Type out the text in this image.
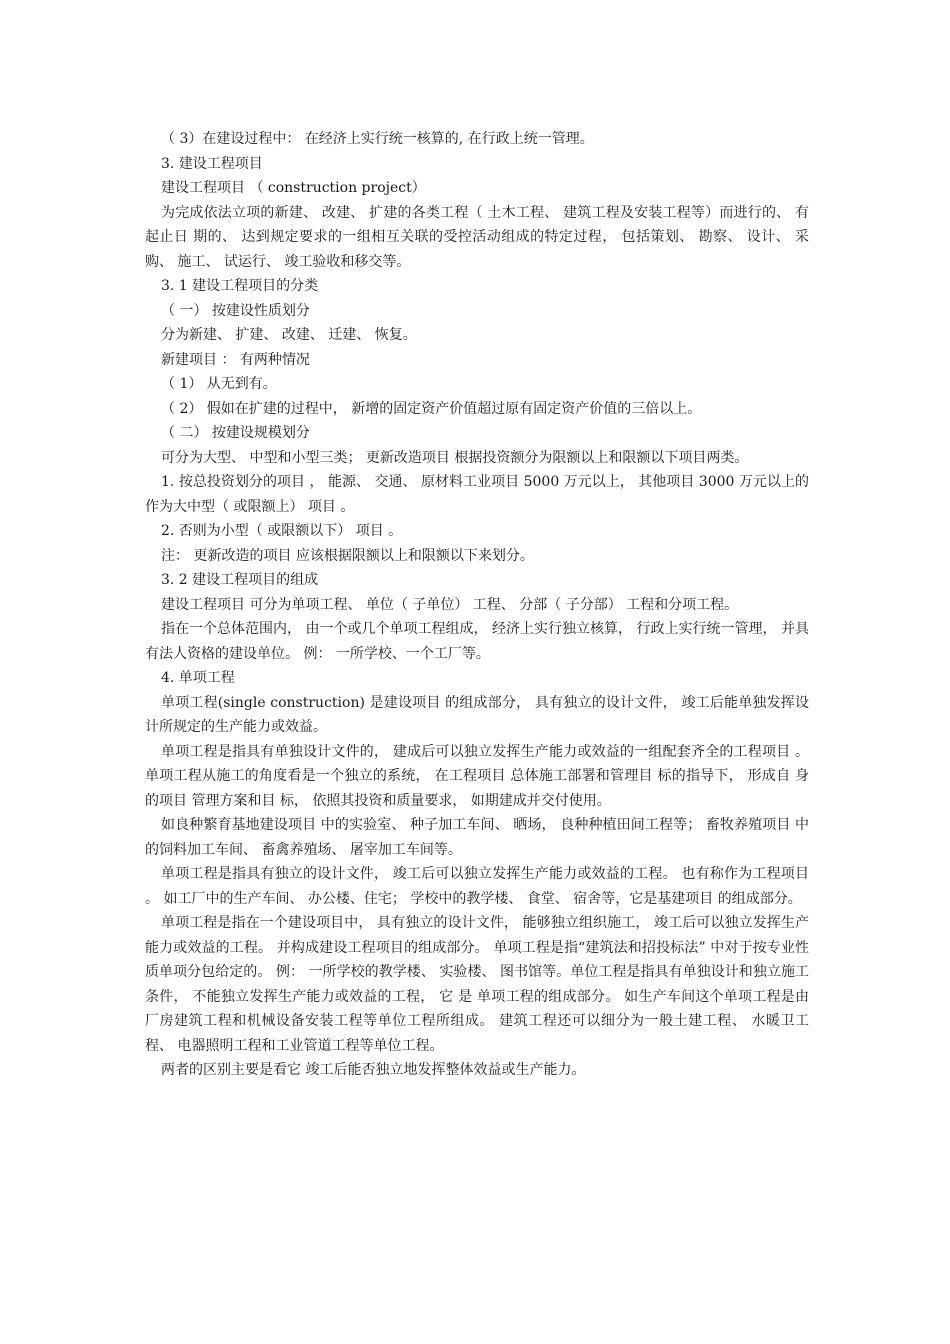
（ 3）在建设过程中： 在经济上实行统一核算的, 在行政上统一管理。

3. 建设工程项目

建设工程项目 （ construction project）

为完成依法立项的新建、 改建、 扩建的各类工程（ 土木工程、 建筑工程及安装工程等）而进行的、 有起止日 期的、 达到规定要求的一组相互关联的受控活动组成的特定过程， 包括策划、 勘察、 设计、 采购、 施工、 试运行、 竣工验收和移交等。

3. 1 建设工程项目的分类

（ 一） 按建设性质划分

分为新建、 扩建、 改建、 迁建、 恢复。

新建项目 ： 有两种情况

（ 1） 从无到有。

（ 2） 假如在扩建的过程中， 新增的固定资产价值超过原有固定资产价值的三倍以上。

（ 二） 按建设规模划分

可分为大型、 中型和小型三类； 更新改造项目 根据投资额分为限额以上和限额以下项目两类。

1. 按总投资划分的项目 ， 能源、 交通、 原材料工业项目 5000 万元以上， 其他项目 3000 万元以上的作为大中型（ 或限额上） 项目 。

2. 否则为小型（ 或限额以下） 项目 。

注： 更新改造的项目 应该根据限额以上和限额以下来划分。

3. 2 建设工程项目的组成

建设工程项目 可分为单项工程、 单位（ 子单位） 工程、 分部（ 子分部） 工程和分项工程。

指在一个总体范围内， 由一个或几个单项工程组成， 经济上实行独立核算， 行政上实行统一管理， 并具有法人资格的建设单位。 例： 一所学校、一个工厂等。

4. 单项工程

单项工程(single construction) 是建设项目 的组成部分， 具有独立的设计文件， 竣工后能单独发挥设计所规定的生产能力或效益。

单项工程是指具有单独设计文件的， 建成后可以独立发挥生产能力或效益的一组配套齐全的工程项目 。 单项工程从施工的角度看是一个独立的系统， 在工程项目 总体施工部署和管理目 标的指导下， 形成自 身 的项目 管理方案和目 标， 依照其投资和质量要求， 如期建成并交付使用。

如良种繁育基地建设项目 中的实验室、 种子加工车间、 晒场， 良种种植田间工程等； 畜牧养殖项目 中的饲料加工车间、 畜禽养殖场、 屠宰加工车间等。

单项工程是指具有独立的设计文件， 竣工后可以独立发挥生产能力或效益的工程。 也有称作为工程项目 。 如工厂中的生产车间、 办公楼、住宅； 学校中的教学楼、 食堂、 宿舍等，它是基建项目 的组成部分。

单项工程是指在一个建设项目中， 具有独立的设计文件， 能够独立组织施工， 竣工后可以独立发挥生产能力或效益的工程。 并构成建设工程项目的组成部分。 单项工程是指“建筑法和招投标法” 中对于按专业性质单项分包给定的。 例： 一所学校的教学楼、 实验楼、 图书馆等。单位工程是指具有单独设计和独立施工条件， 不能独立发挥生产能力或效益的工程， 它 是 单项工程的组成部分。 如生产车间这个单项工程是由厂房建筑工程和机械设备安装工程等单位工程所组成。 建筑工程还可以细分为一般土建工程、 水暖卫工程、 电器照明工程和工业管道工程等单位工程。

两者的区别主要是看它 竣工后能否独立地发挥整体效益或生产能力。
